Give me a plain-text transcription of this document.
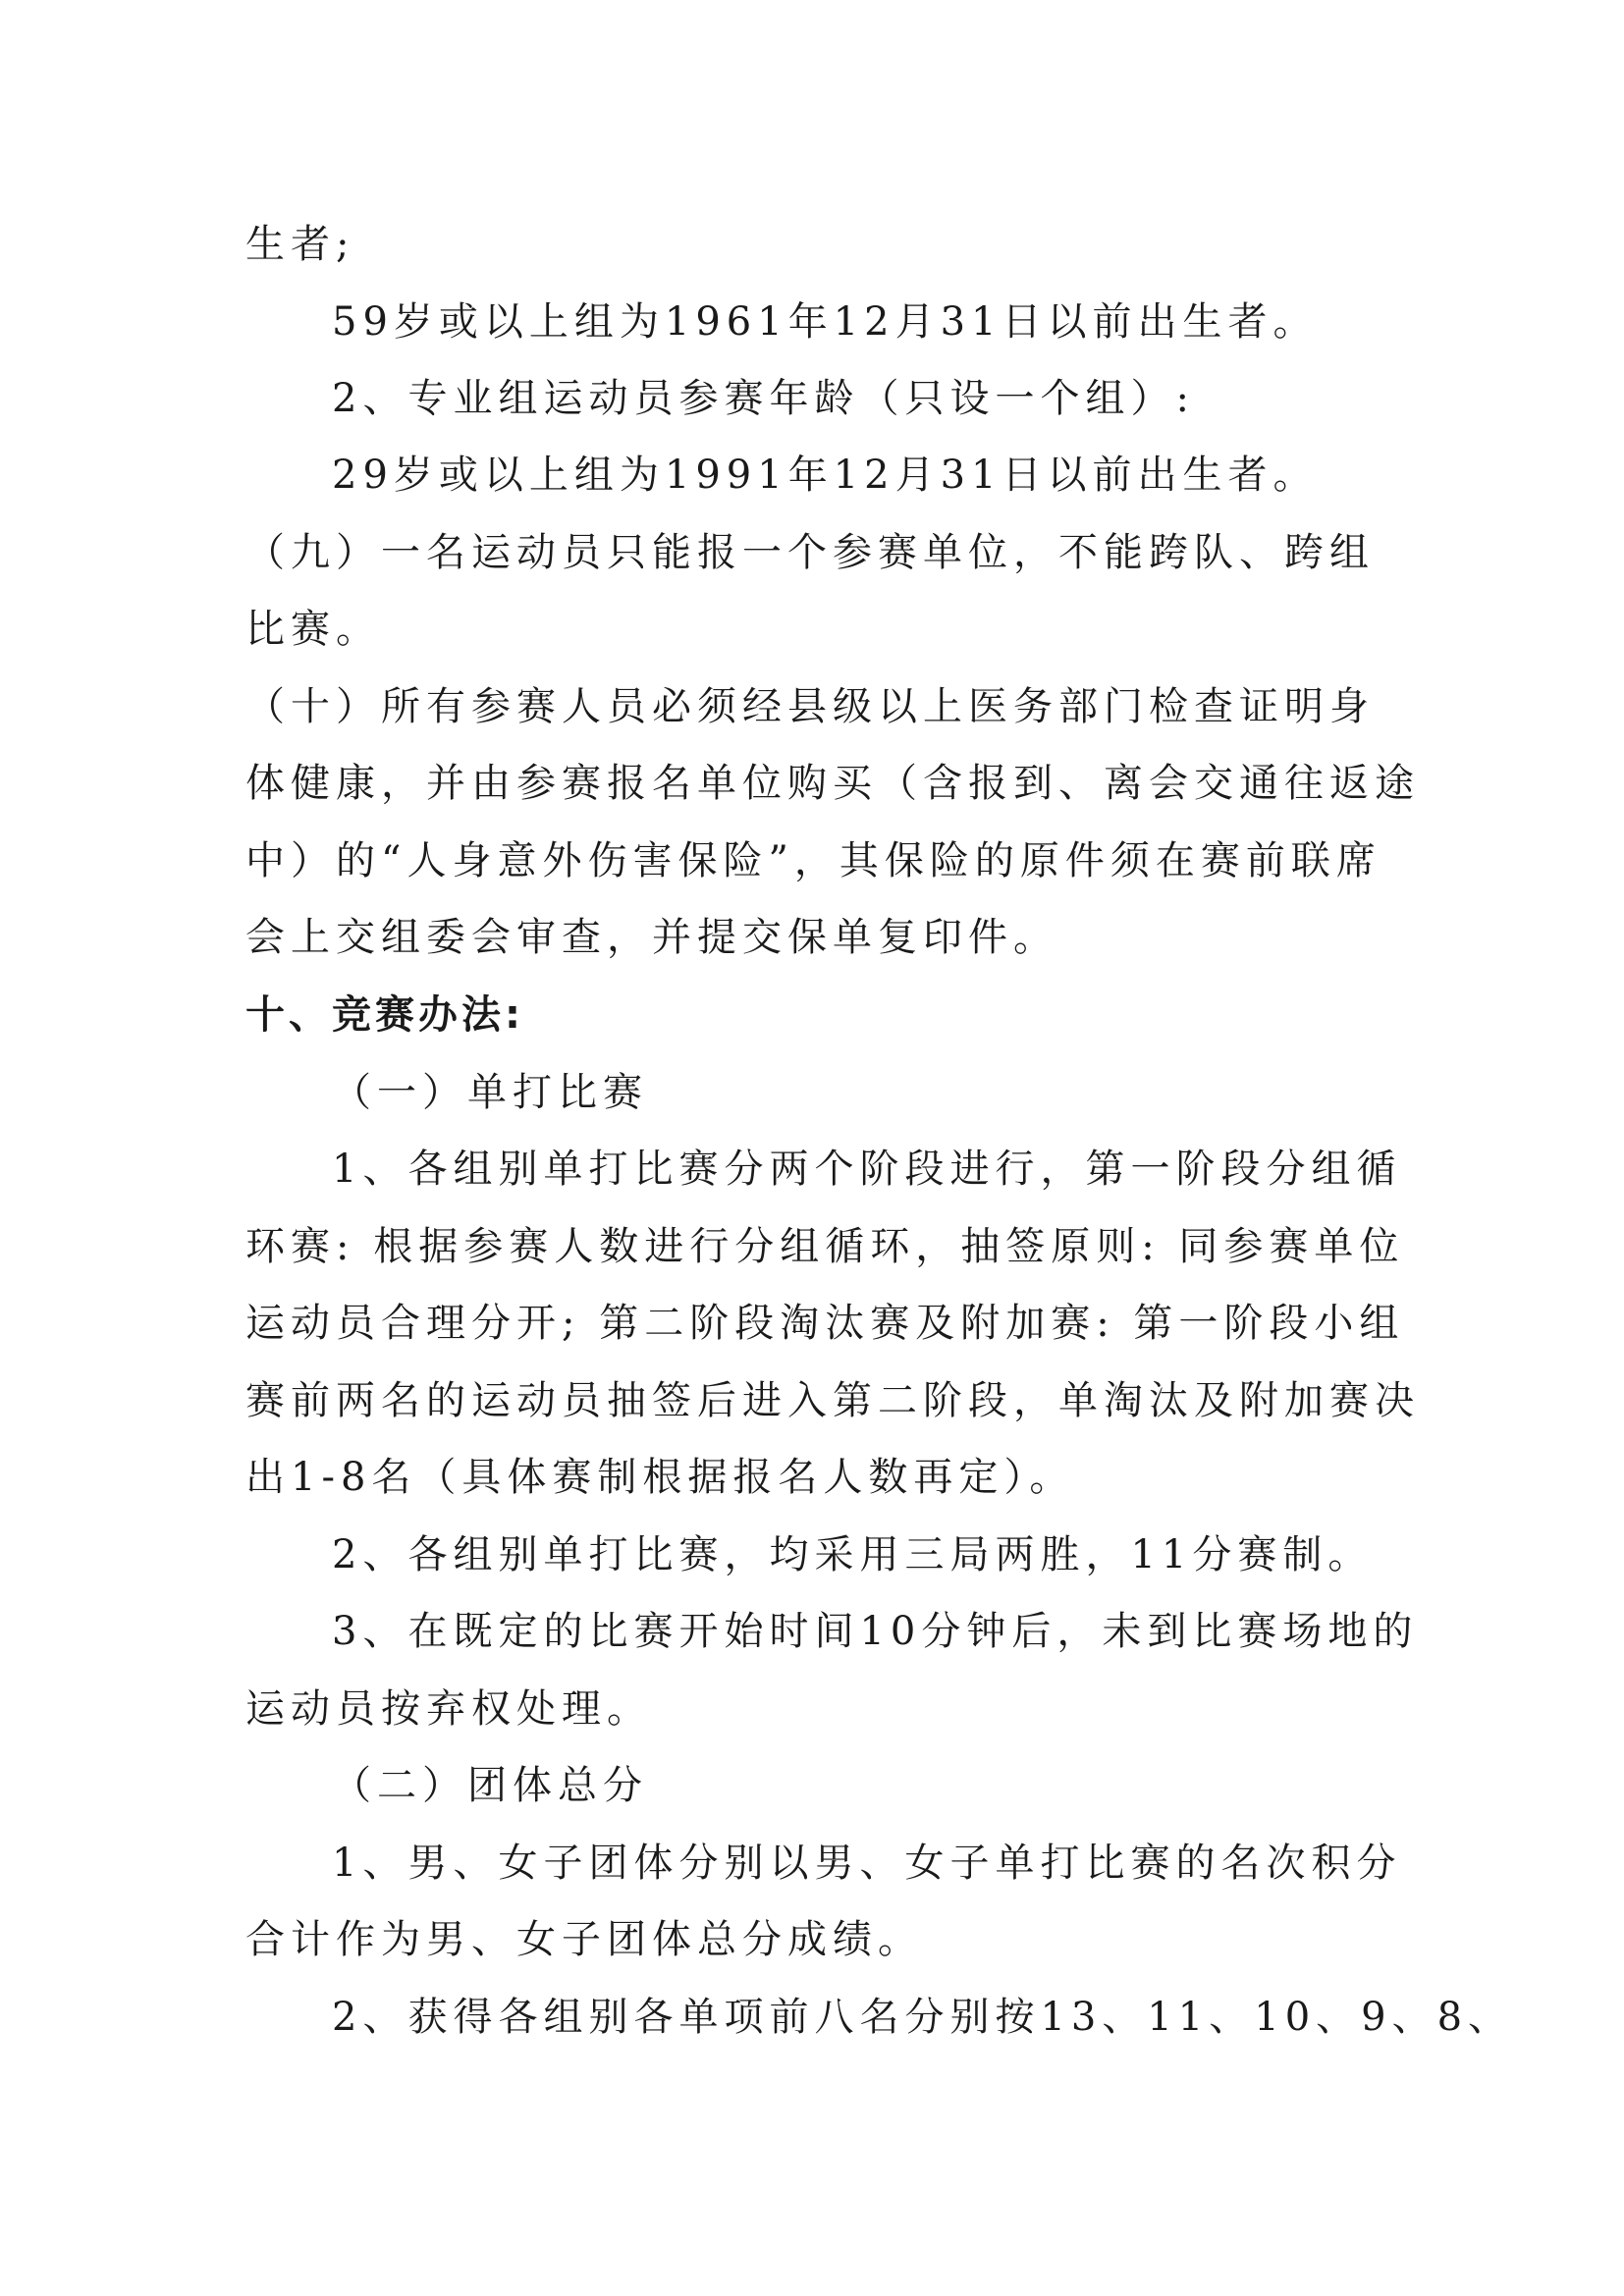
生者;
59岁或以上组为1961年12月31日以前出生者。
2、专业组运动员参赛年龄（只设一个组）:
29岁或以上组为1991年12月31日以前出生者。
（九）一名运动员只能报一个参赛单位，不能跨队、跨组
比赛。
（十）所有参赛人员必须经县级以上医务部门检查证明身
体健康，并由参赛报名单位购买（含报到、离会交通往返途
中）的“人身意外伤害保险”，其保险的原件须在赛前联席
会上交组委会审查，并提交保单复印件。
十、竞赛办法:
（一）单打比赛
1、各组别单打比赛分两个阶段进行，第一阶段分组循
环赛: 根据参赛人数进行分组循环，抽签原则: 同参赛单位
运动员合理分开; 第二阶段淘汰赛及附加赛: 第一阶段小组
赛前两名的运动员抽签后进入第二阶段，单淘汰及附加赛决
出1-8名（具体赛制根据报名人数再定）。
2、各组别单打比赛，均采用三局两胜，11分赛制。
3、在既定的比赛开始时间10分钟后，未到比赛场地的
运动员按弃权处理。
（二）团体总分
1、男、女子团体分别以男、女子单打比赛的名次积分
合计作为男、女子团体总分成绩。
2、获得各组别各单项前八名分别按13、11、10、9、8、
